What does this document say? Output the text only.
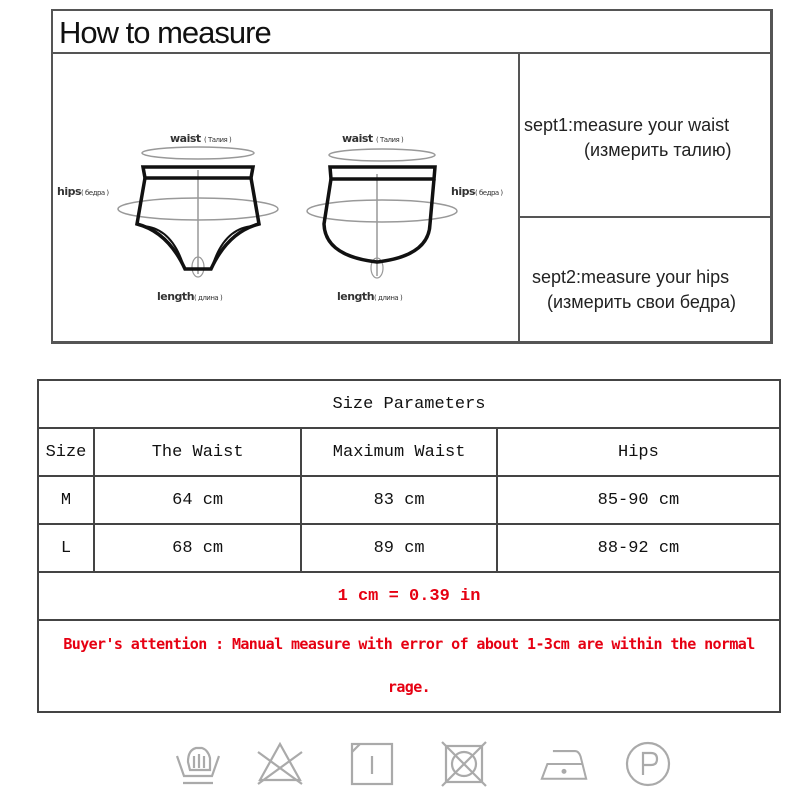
How to measure
waist ( Талия )
hips( бедра )
length( длина )
waist ( Талия )
hips( бедра )
length( длина )
sept1:measure your waist
(измерить талию)
sept2:measure your hips
(измерить свои бедра)
Size Parameters			
Size	The Waist	Maximum Waist	Hips
M	64 cm	83 cm	85-90 cm
L	68 cm	89 cm	88-92 cm
1 cm = 0.39 in			

Buyer's attention : Manual measure with error of about 1-3cm are within the normal
rage.			
